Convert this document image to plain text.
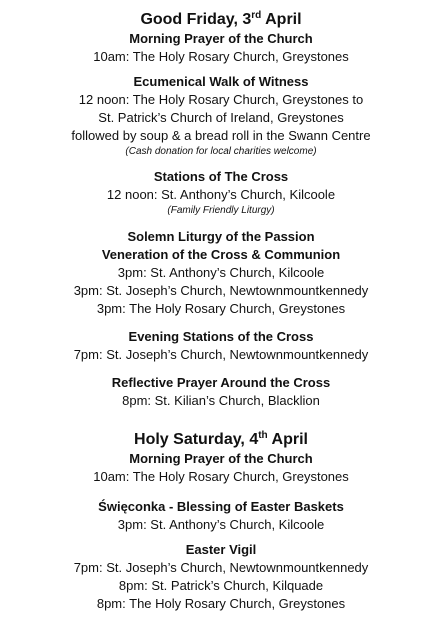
Good Friday, 3rd April

Morning Prayer of the Church

10am: The Holy Rosary Church, Greystones

Ecumenical Walk of Witness

12 noon: The Holy Rosary Church, Greystones to

St. Patrick’s Church of Ireland, Greystones

followed by soup & a bread roll in the Swann Centre

(Cash donation for local charities welcome)

Stations of The Cross

12 noon: St. Anthony’s Church, Kilcoole

(Family Friendly Liturgy)

Solemn Liturgy of the Passion

Veneration of the Cross & Communion

3pm: St. Anthony’s Church, Kilcoole

3pm: St. Joseph’s Church, Newtownmountkennedy

3pm: The Holy Rosary Church, Greystones

Evening Stations of the Cross

7pm: St. Joseph’s Church, Newtownmountkennedy

Reflective Prayer Around the Cross

8pm: St. Kilian’s Church, Blacklion

Holy Saturday, 4th April

Morning Prayer of the Church

10am: The Holy Rosary Church, Greystones

Święconka - Blessing of Easter Baskets

3pm: St. Anthony’s Church, Kilcoole

Easter Vigil

7pm: St. Joseph’s Church, Newtownmountkennedy

8pm: St. Patrick’s Church, Kilquade

8pm: The Holy Rosary Church, Greystones
